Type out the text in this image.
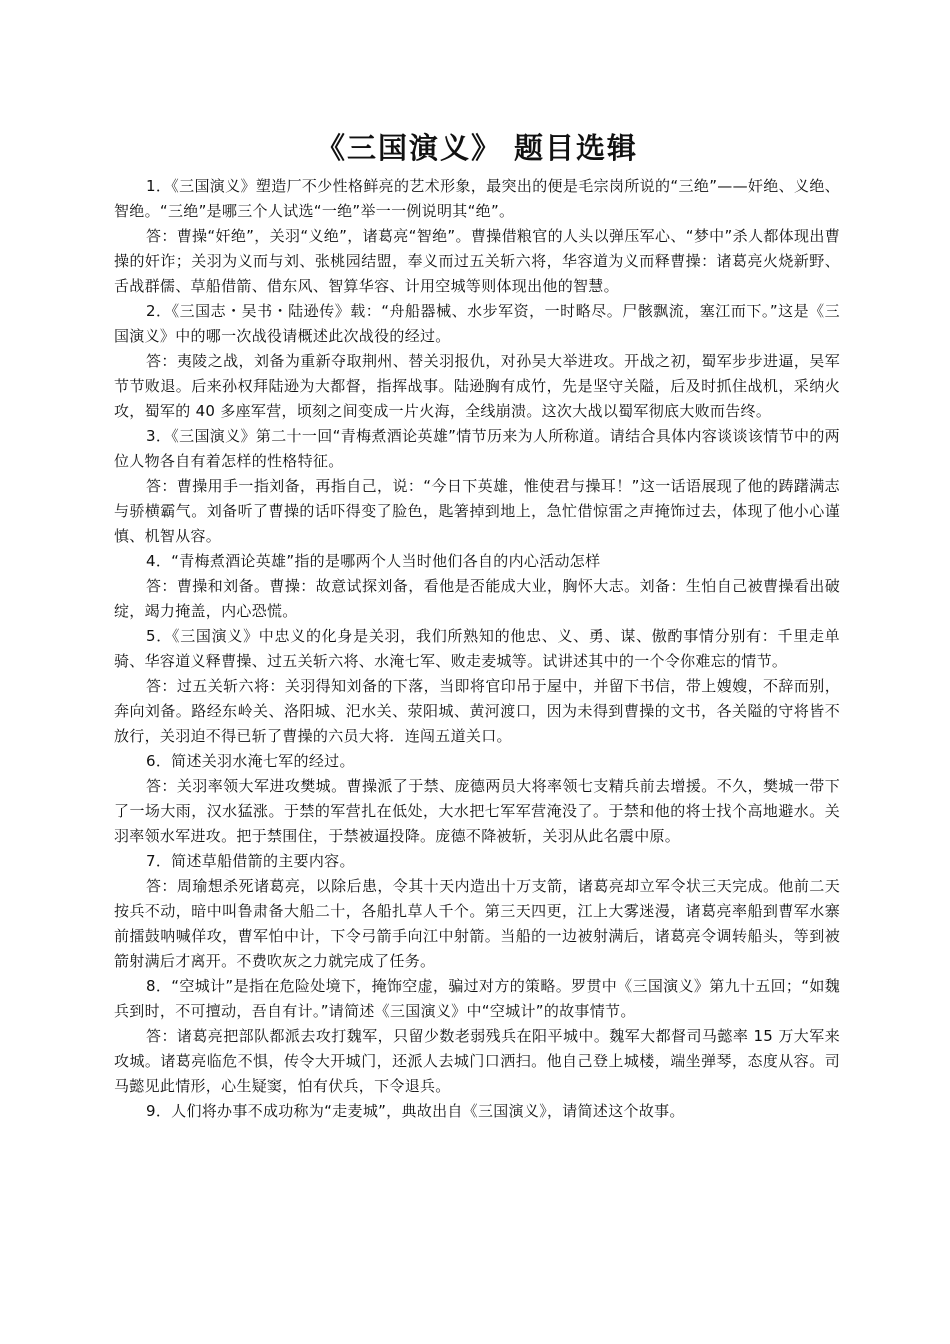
《三国演义》 题目选辑

1．《三国演义》塑造厂不少性格鲜亮的艺术形象，最突出的便是毛宗岗所说的“三绝”——奸绝、义绝、智绝。“三绝”是哪三个人试选“一绝”举一一例说明其“绝”。

答：曹操“奸绝”，关羽“义绝”，诸葛亮“智绝”。曹操借粮官的人头以弹压军心、“梦中”杀人都体现出曹操的奸诈；关羽为义而与刘、张桃园结盟，奉义而过五关斩六将，华容道为义而释曹操：诸葛亮火烧新野、舌战群儒、草船借箭、借东风、智算华容、计用空城等则体现出他的智慧。

2．《三国志・吴书・陆逊传》载：“舟船器械、水步军资，一时略尽。尸骸飘流，塞江而下。”这是《三国演义》中的哪一次战役请概述此次战役的经过。

答：夷陵之战，刘备为重新夺取荆州、替关羽报仇，对孙吴大举进攻。开战之初，蜀军步步进逼，吴军节节败退。后来孙权拜陆逊为大都督，指挥战事。陆逊胸有成竹，先是坚守关隘，后及时抓住战机，采纳火攻，蜀军的 40 多座军营，顷刻之间变成一片火海，全线崩溃。这次大战以蜀军彻底大败而告终。

3．《三国演义》第二十一回“青梅煮酒论英雄”情节历来为人所称道。请结合具体内容谈谈该情节中的两位人物各自有着怎样的性格特征。

答：曹操用手一指刘备，再指自己，说：“今日下英雄，惟使君与操耳！”这一话语展现了他的踌躇满志与骄横霸气。刘备听了曹操的话吓得变了脸色，匙箸掉到地上，急忙借惊雷之声掩饰过去，体现了他小心谨慎、机智从容。

4．“青梅煮酒论英雄”指的是哪两个人当时他们各自的内心活动怎样

答：曹操和刘备。曹操：故意试探刘备，看他是否能成大业，胸怀大志。刘备：生怕自己被曹操看出破绽，竭力掩盖，内心恐慌。

5．《三国演义》中忠义的化身是关羽，我们所熟知的他忠、义、勇、谋、傲酌事情分别有：千里走单骑、华容道义释曹操、过五关斩六将、水淹七军、败走麦城等。试讲述其中的一个令你难忘的情节。

答：过五关斩六将：关羽得知刘备的下落，当即将官印吊于屋中，并留下书信，带上嫂嫂，不辞而别，奔向刘备。路经东岭关、洛阳城、汜水关、荥阳城、黄河渡口，因为未得到曹操的文书，各关隘的守将皆不放行，关羽迫不得已斩了曹操的六员大将．连闯五道关口。

6．简述关羽水淹七军的经过。

答：关羽率领大军进攻樊城。曹操派了于禁、庞德两员大将率领七支精兵前去增援。不久，樊城一带下了一场大雨，汉水猛涨。于禁的军营扎在低处，大水把七军军营淹没了。于禁和他的将士找个高地避水。关羽率领水军进攻。把于禁围住，于禁被逼投降。庞德不降被斩，关羽从此名震中原。

7．简述草船借箭的主要内容。

答：周瑜想杀死诸葛亮，以除后患，令其十天内造出十万支箭，诸葛亮却立军令状三天完成。他前二天按兵不动，暗中叫鲁肃备大船二十，各船扎草人千个。第三天四更，江上大雾迷漫，诸葛亮率船到曹军水寨前擂鼓呐喊佯攻，曹军怕中计，下令弓箭手向江中射箭。当船的一边被射满后，诸葛亮令调转船头，等到被箭射满后才离开。不费吹灰之力就完成了任务。

8．“空城计”是指在危险处境下，掩饰空虚，骗过对方的策略。罗贯中《三国演义》第九十五回；“如魏兵到时，不可擅动，吾自有计。”请简述《三国演义》中“空城计”的故事情节。

答：诸葛亮把部队都派去攻打魏军，只留少数老弱残兵在阳平城中。魏军大都督司马懿率 15 万大军来攻城。诸葛亮临危不惧，传令大开城门，还派人去城门口洒扫。他自己登上城楼，端坐弹琴，态度从容。司马懿见此情形，心生疑窦，怕有伏兵，下令退兵。

9．人们将办事不成功称为“走麦城”，典故出自《三国演义》，请简述这个故事。
